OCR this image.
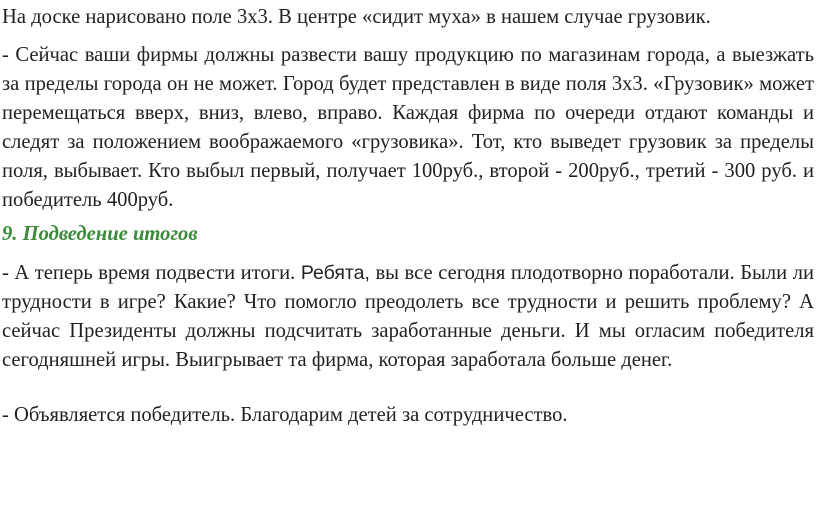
На доске нарисовано поле 3х3. В центре «сидит муха» в нашем случае грузовик.

- Сейчас ваши фирмы должны развести вашу продукцию по магазинам города, а выезжать за пределы города он не может. Город будет представлен в виде поля 3х3. «Грузовик» может перемещаться вверх, вниз, влево, вправо. Каждая фирма по очереди отдают команды и следят за положением воображаемого «грузовика». Тот, кто выведет грузовик за пределы поля, выбывает. Кто выбыл первый, получает 100руб., второй - 200руб., третий - 300 руб. и победитель 400руб.

9. Подведение итогов

- А теперь время подвести итоги. Ребята, вы все сегодня плодотворно поработали. Были ли трудности в игре? Какие? Что помогло преодолеть все трудности и решить проблему? А сейчас Президенты должны подсчитать заработанные деньги. И мы огласим победителя сегодняшней игры. Выигрывает та фирма, которая заработала больше денег.

- Объявляется победитель. Благодарим детей за сотрудничество.
